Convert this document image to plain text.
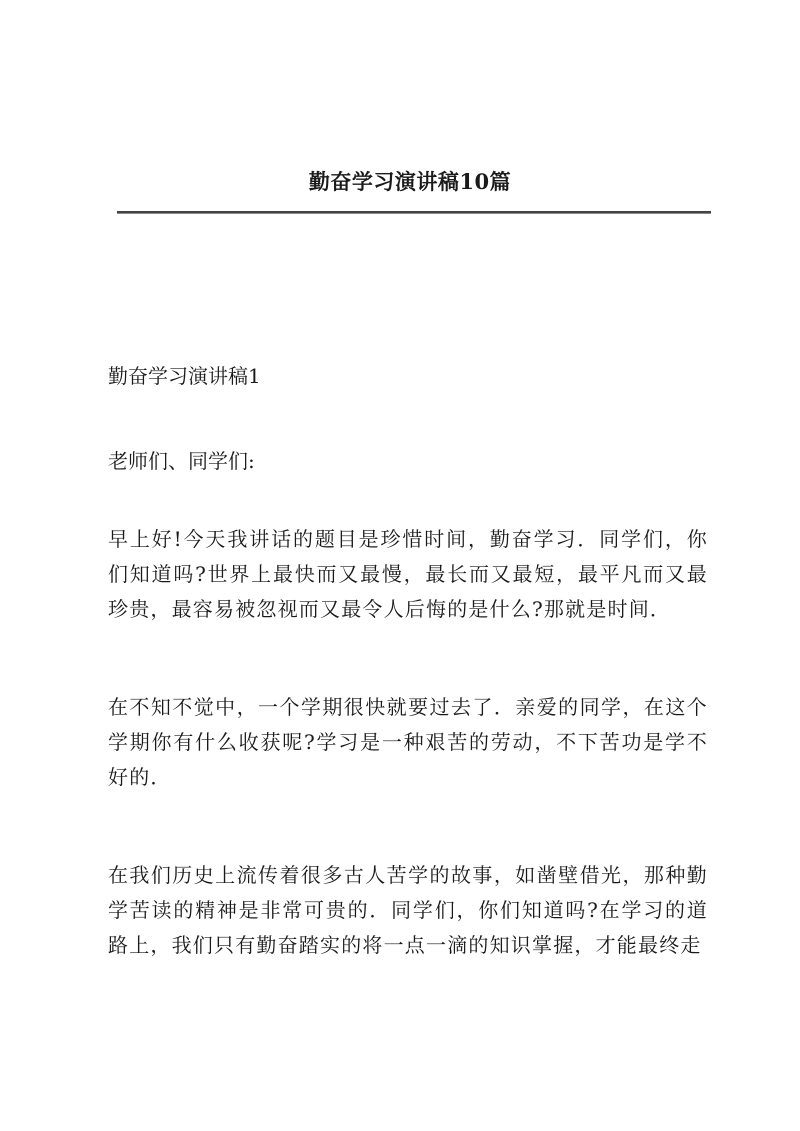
勤奋学习演讲稿10篇
勤奋学习演讲稿1

老师们、同学们:

早上好!今天我讲话的题目是珍惜时间，勤奋学习．同学们，你们知道吗?世界上最快而又最慢，最长而又最短，最平凡而又最珍贵，最容易被忽视而又最令人后悔的是什么?那就是时间．

在不知不觉中，一个学期很快就要过去了．亲爱的同学，在这个学期你有什么收获呢?学习是一种艰苦的劳动，不下苦功是学不好的．

在我们历史上流传着很多古人苦学的故事，如凿壁借光，那种勤学苦读的精神是非常可贵的．同学们，你们知道吗?在学习的道路上，我们只有勤奋踏实的将一点一滴的知识掌握，才能最终走
